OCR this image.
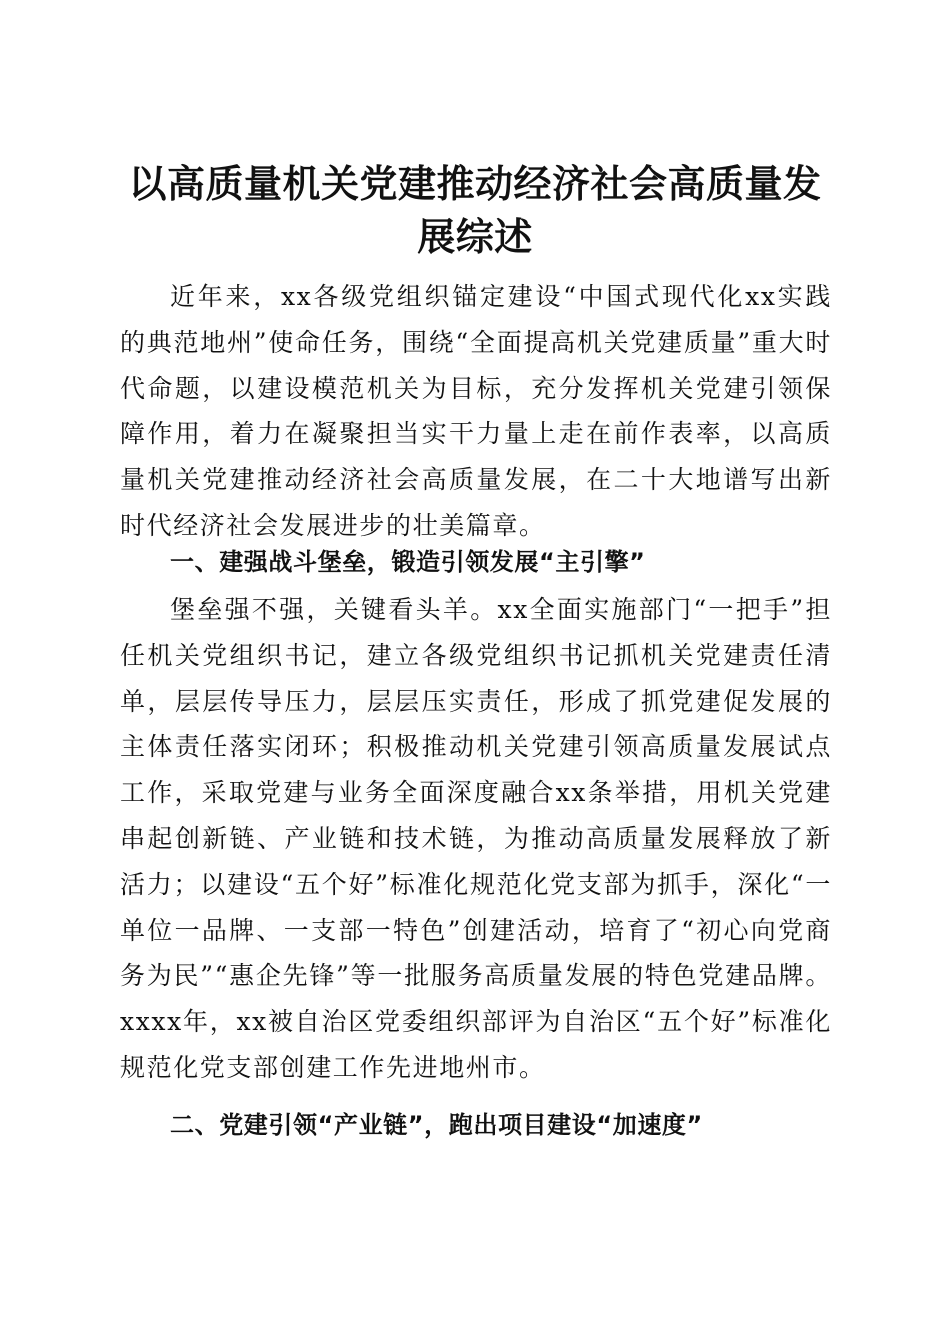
以高质量机关党建推动经济社会高质量发展综述

近年来，xx各级党组织锚定建设“中国式现代化xx实践的典范地州”使命任务，围绕“全面提高机关党建质量”重大时代命题，以建设模范机关为目标，充分发挥机关党建引领保障作用，着力在凝聚担当实干力量上走在前作表率，以高质量机关党建推动经济社会高质量发展，在二十大地谱写出新时代经济社会发展进步的壮美篇章。

一、建强战斗堡垒，锻造引领发展“主引擎”

堡垒强不强，关键看头羊。xx全面实施部门“一把手”担任机关党组织书记，建立各级党组织书记抓机关党建责任清单，层层传导压力，层层压实责任，形成了抓党建促发展的主体责任落实闭环；积极推动机关党建引领高质量发展试点工作，采取党建与业务全面深度融合xx条举措，用机关党建串起创新链、产业链和技术链，为推动高质量发展释放了新活力；以建设“五个好”标准化规范化党支部为抓手，深化“一单位一品牌、一支部一特色”创建活动，培育了“初心向党商务为民”“惠企先锋”等一批服务高质量发展的特色党建品牌。xxxx年，xx被自治区党委组织部评为自治区“五个好”标准化规范化党支部创建工作先进地州市。

二、党建引领“产业链”，跑出项目建设“加速度”
